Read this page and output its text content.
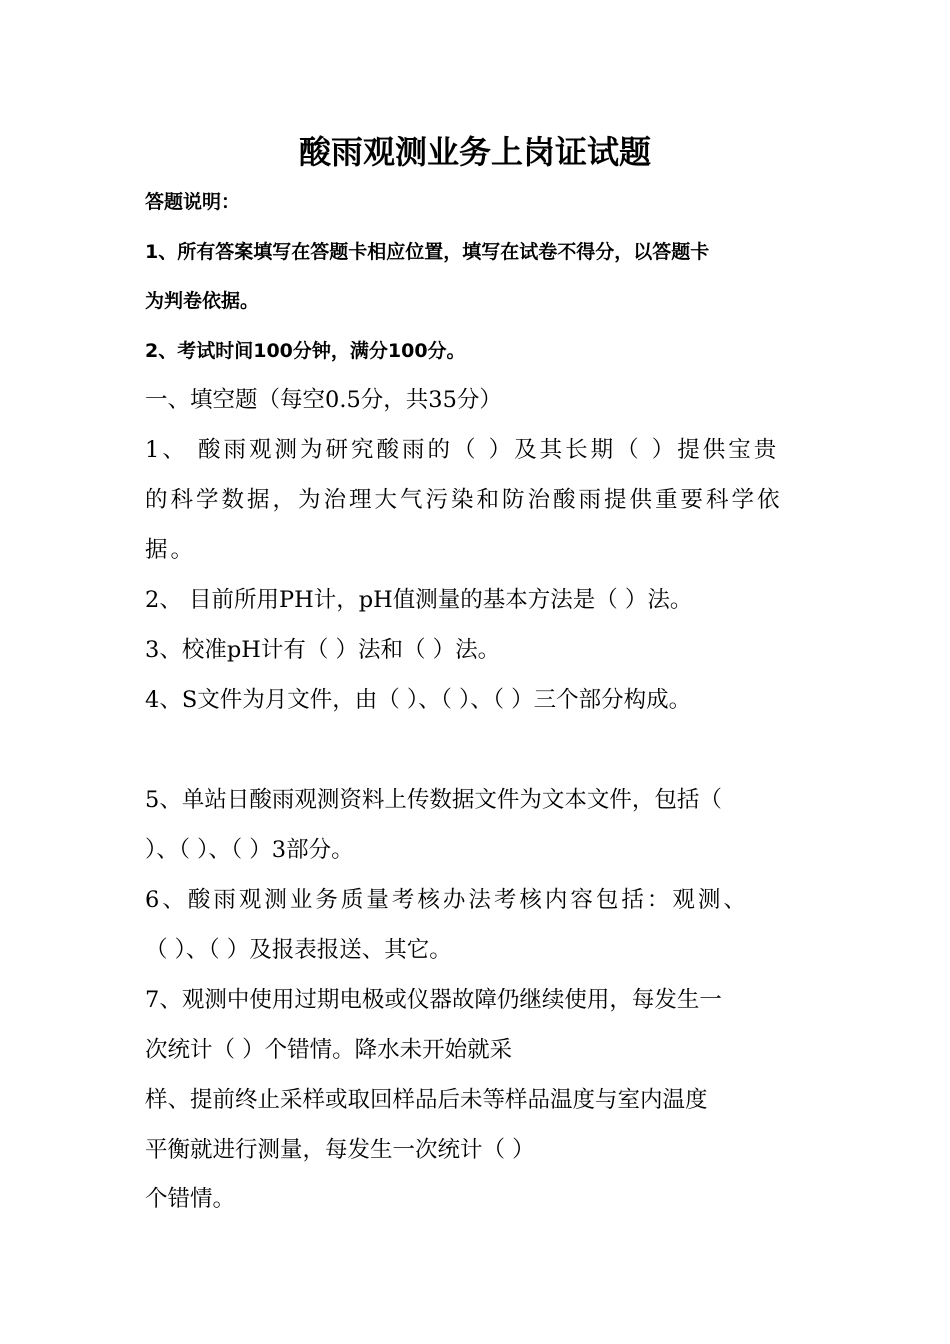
酸雨观测业务上岗证试题
答题说明：
1、所有答案填写在答题卡相应位置，填写在试卷不得分，以答题卡
为判卷依据。
2、考试时间100分钟，满分100分。
一、填空题（每空0.5分，共35分）
1、 酸雨观测为研究酸雨的（ ）及其长期（ ）提供宝贵
的科学数据，为治理大气污染和防治酸雨提供重要科学依
据。
2、 目前所用PH计，pH值测量的基本方法是（ ）法。
3、校准pH计有（ ）法和（ ）法。
4、S文件为月文件，由（ ）、（ ）、（ ）三个部分构成。
5、单站日酸雨观测资料上传数据文件为文本文件，包括（
）、（ ）、（ ）3部分。
6、酸雨观测业务质量考核办法考核内容包括：观测、
（ ）、（ ）及报表报送、其它。
7、观测中使用过期电极或仪器故障仍继续使用，每发生一
次统计（ ）个错情。降水未开始就采
样、提前终止采样或取回样品后未等样品温度与室内温度
平衡就进行测量，每发生一次统计（ ）
个错情。
